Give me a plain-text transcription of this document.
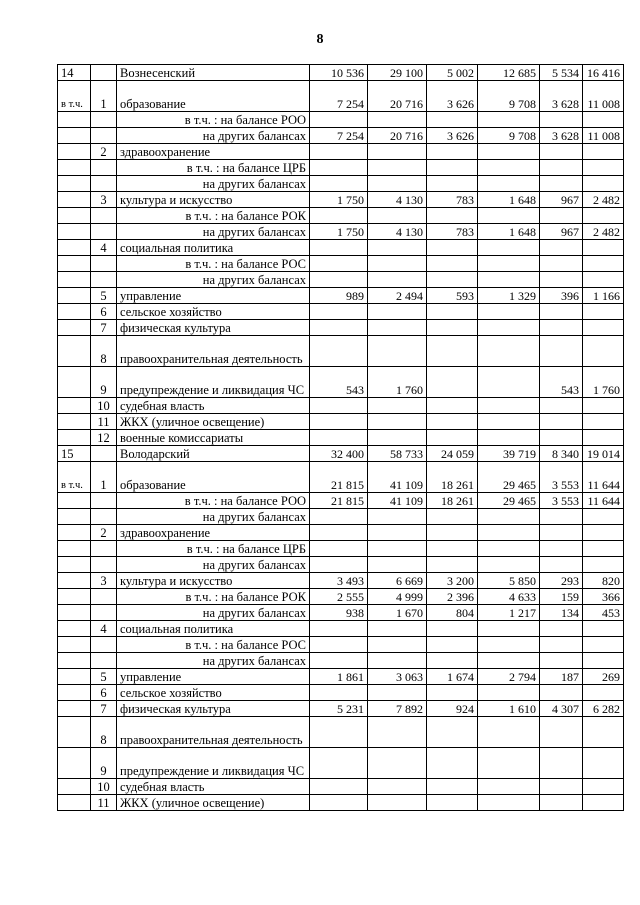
8
14		Вознесенский	10 536	29 100	5 002	12 685	5 534	16 416
в т.ч.	1	образование	7 254	20 716	3 626	9 708	3 628	11 008
		в т.ч. : на балансе РОО						
		на других балансах	7 254	20 716	3 626	9 708	3 628	11 008
	2	здравоохранение						
		в т.ч. : на балансе ЦРБ						
		на других балансах						
	3	культура и искусство	1 750	4 130	783	1 648	967	2 482
		в т.ч. : на балансе РОК						
		на других балансах	1 750	4 130	783	1 648	967	2 482
	4	социальная политика						
		в т.ч. : на балансе РОС						
		на других балансах						
	5	управление	989	2 494	593	1 329	396	1 166
	6	сельское хозяйство						
	7	физическая культура						
	8	правоохранительная деятельность						
	9	предупреждение и ликвидация ЧС	543	1 760			543	1 760
	10	судебная власть						
	11	ЖКХ (уличное освещение)						
	12	военные комиссариаты						
15		Володарский	32 400	58 733	24 059	39 719	8 340	19 014
в т.ч.	1	образование	21 815	41 109	18 261	29 465	3 553	11 644
		в т.ч. : на балансе РОО	21 815	41 109	18 261	29 465	3 553	11 644
		на других балансах						
	2	здравоохранение						
		в т.ч. : на балансе ЦРБ						
		на других балансах						
	3	культура и искусство	3 493	6 669	3 200	5 850	293	820
		в т.ч. : на балансе РОК	2 555	4 999	2 396	4 633	159	366
		на других балансах	938	1 670	804	1 217	134	453
	4	социальная политика						
		в т.ч. : на балансе РОС						
		на других балансах						
	5	управление	1 861	3 063	1 674	2 794	187	269
	6	сельское хозяйство						
	7	физическая культура	5 231	7 892	924	1 610	4 307	6 282
	8	правоохранительная деятельность						
	9	предупреждение и ликвидация ЧС						
	10	судебная власть						
	11	ЖКХ (уличное освещение)						
